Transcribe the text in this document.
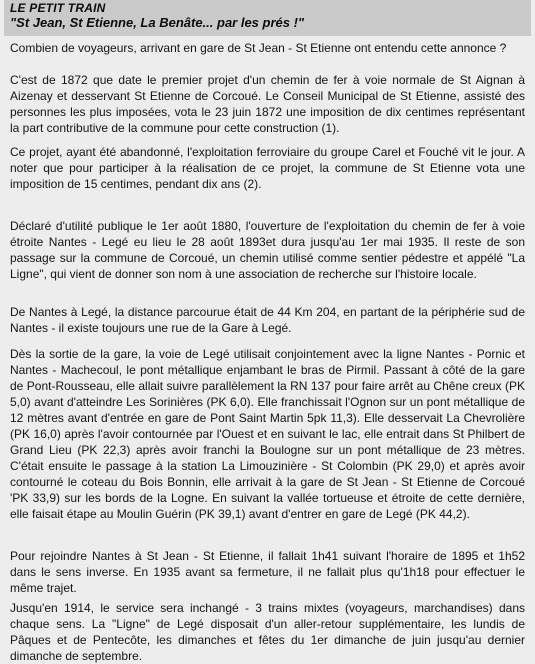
LE PETIT TRAIN
"St Jean, St Etienne, La Benâte... par les prés !"

Combien de voyageurs, arrivant en gare de St Jean - St Etienne ont entendu cette annonce ?

C'est de 1872 que date le premier projet d'un chemin de fer à voie normale de St Aignan à Aizenay et desservant St Etienne de Corcoué. Le Conseil Municipal de St Etienne, assisté des personnes les plus imposées, vota le 23 juin 1872 une imposition de dix centimes représentant la part contributive de la commune pour cette construction (1).

Ce projet, ayant été abandonné, l'exploitation ferroviaire du groupe Carel et Fouché vit le jour. A noter que pour participer à la réalisation de ce projet, la commune de St Etienne vota une imposition de 15 centimes, pendant dix ans (2).

Déclaré d'utilité publique le 1er août 1880, l'ouverture de l'exploitation du chemin de fer à voie étroite Nantes - Legé eu lieu le 28 août 1893et dura jusqu'au 1er mai 1935. Il reste de son passage sur la commune de Corcoué, un chemin utilisé comme sentier pédestre et appélé "La Ligne", qui vient de donner son nom à une association de recherche sur l'histoire locale.

De Nantes à Legé, la distance parcourue était de 44 Km 204, en partant de la périphérie sud de Nantes - il existe toujours une rue de la Gare à Legé.

Dès la sortie de la gare, la voie de Legé utilisait conjointement avec la ligne Nantes - Pornic et Nantes - Machecoul, le pont métallique enjambant le bras de Pirmil. Passant à côté de la gare de Pont-Rousseau, elle allait suivre parallèlement la RN 137 pour faire arrêt au Chêne creux (PK 5,0) avant d'atteindre Les Sorinières (PK 6,0). Elle franchissait l'Ognon sur un pont métallique de 12 mètres avant d'entrée en gare de Pont Saint Martin 5pk 11,3). Elle desservait La Chevrolière (PK 16,0) après l'avoir contournée par l'Ouest et en suivant le lac, elle entrait dans St Philbert de Grand Lieu (PK 22,3) après avoir franchi la Boulogne sur un pont métallique de 23 mètres. C'était ensuite le passage à la station La Limouzinière - St Colombin (PK 29,0) et après avoir contourné le coteau du Bois Bonnin, elle arrivait à la gare de St Jean - St Etienne de Corcoué 'PK 33,9) sur les bords de la Logne. En suivant la vallée tortueuse et étroite de cette dernière, elle faisait étape au Moulin Guérin (PK 39,1) avant d'entrer en gare de Legé (PK 44,2).

Pour rejoindre Nantes à St Jean - St Etienne, il fallait 1h41 suivant l'horaire de 1895 et 1h52 dans le sens inverse. En 1935 avant sa fermeture, il ne fallait plus qu'1h18 pour effectuer le même trajet.

Jusqu'en 1914, le service sera inchangé - 3 trains mixtes (voyageurs, marchandises) dans chaque sens. La "Ligne" de Legé disposait d'un aller-retour supplémentaire, les lundis de Pâques et de Pentecôte, les dimanches et fêtes du 1er dimanche de juin jusqu'au dernier dimanche de septembre.
